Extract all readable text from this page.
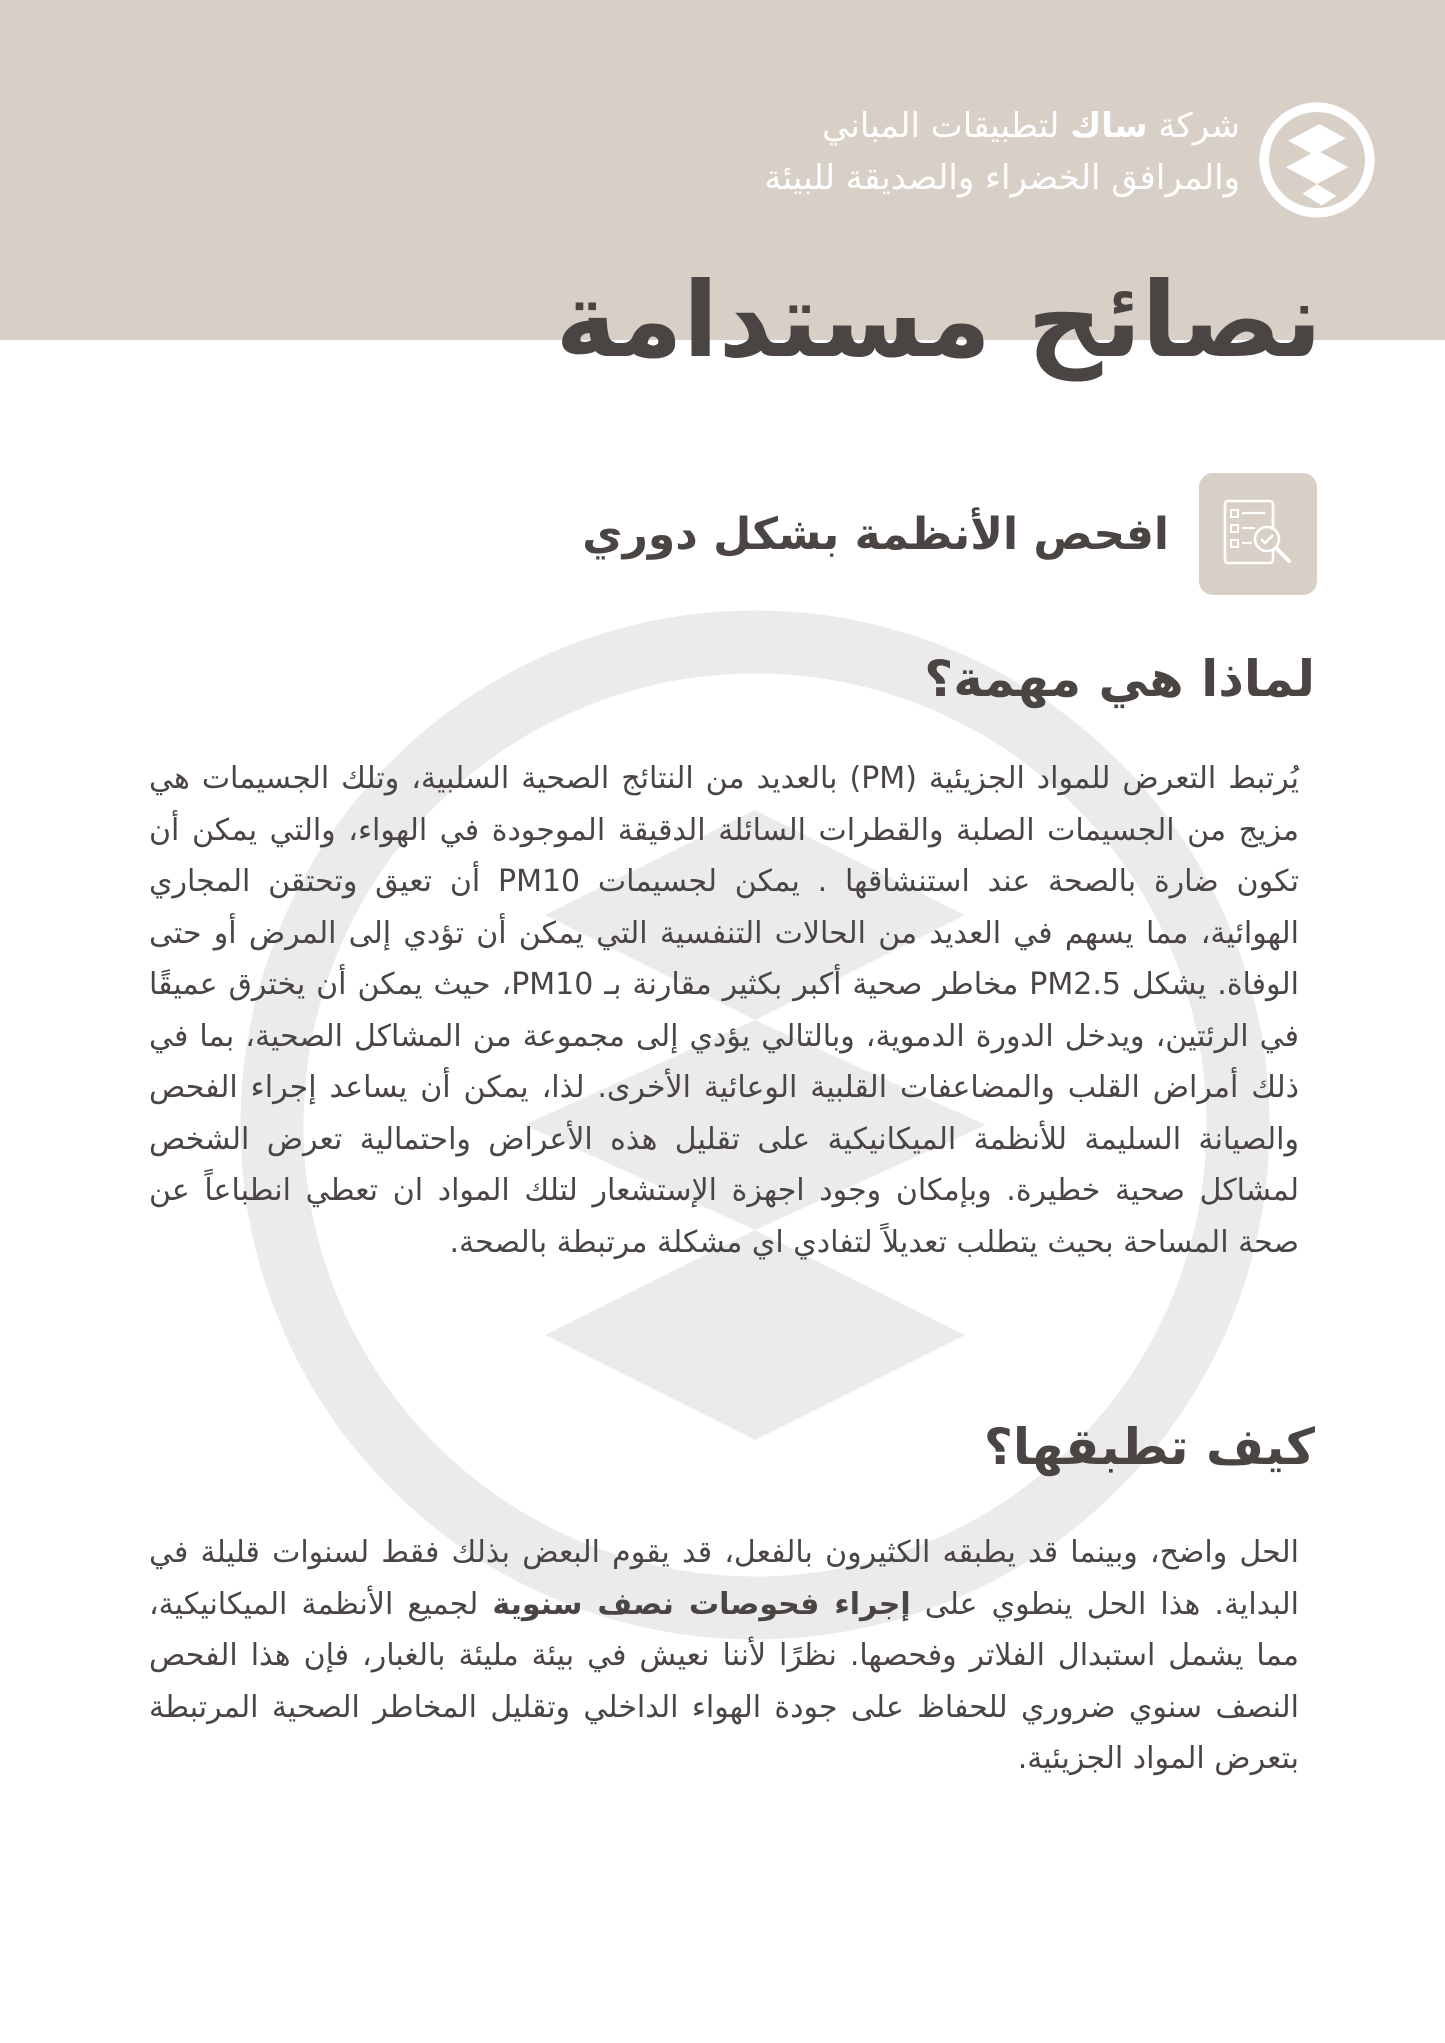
شركة ساك لتطبيقات المباني
والمرافق الخضراء والصديقة للبيئة
نصائح مستدامة
افحص الأنظمة بشكل دوري
لماذا هي مهمة؟

يُرتبط التعرض للمواد الجزيئية (PM) بالعديد من النتائج الصحية السلبية، وتلك الجسيمات هي مزيج من الجسيمات الصلبة والقطرات السائلة الدقيقة الموجودة في الهواء، والتي يمكن أن تكون ضارة بالصحة عند استنشاقها . يمكن لجسيمات PM10 أن تعيق وتحتقن المجاري الهوائية، مما يسهم في العديد من الحالات التنفسية التي يمكن أن تؤدي إلى المرض أو حتى الوفاة. يشكل PM2.5 مخاطر صحية أكبر بكثير مقارنة بـ PM10، حيث يمكن أن يخترق عميقًا في الرئتين، ويدخل الدورة الدموية، وبالتالي يؤدي إلى مجموعة من المشاكل الصحية، بما في ذلك أمراض القلب والمضاعفات القلبية الوعائية الأخرى. لذا، يمكن أن يساعد إجراء الفحص والصيانة السليمة للأنظمة الميكانيكية على تقليل هذه الأعراض واحتمالية تعرض الشخص لمشاكل صحية خطيرة. وبإمكان وجود اجهزة الإستشعار لتلك المواد ان تعطي انطباعاً عن صحة المساحة بحيث يتطلب تعديلاً لتفادي اي مشكلة مرتبطة بالصحة.

كيف تطبقها؟

الحل واضح، وبينما قد يطبقه الكثيرون بالفعل، قد يقوم البعض بذلك فقط لسنوات قليلة في البداية. هذا الحل ينطوي على إجراء فحوصات نصف سنوية لجميع الأنظمة الميكانيكية، مما يشمل استبدال الفلاتر وفحصها. نظرًا لأننا نعيش في بيئة مليئة بالغبار، فإن هذا الفحص النصف سنوي ضروري للحفاظ على جودة الهواء الداخلي وتقليل المخاطر الصحية المرتبطة بتعرض المواد الجزيئية.
